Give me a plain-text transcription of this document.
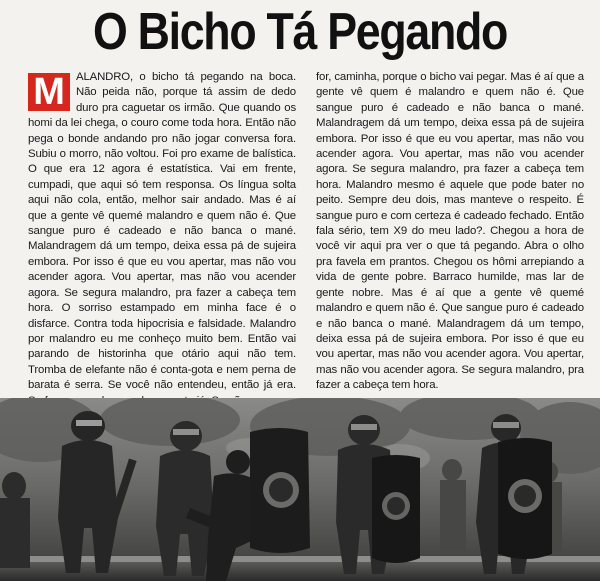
O Bicho Tá Pegando

M ALANDRO, o bicho tá pegando na boca. Não peida não, porque tá assim de dedo duro pra caguetar os irmão. Que quando os homi da lei chega, o couro come toda hora. Então não pega o bonde andando pro não jogar conversa fora. Subiu o morro, não voltou. Foi pro exame de balística. O que era 12 agora é estatística. Vai em frente, cumpadi, que aqui só tem responsa. Os língua solta aqui não cola, então, melhor sair andado. Mas é aí que a gente vê quemé malandro e quem não é. Que sangue puro é cadeado e não banca o mané. Malandragem dá um tempo, deixa essa pá de sujeira embora. Por isso é que eu vou apertar, mas não vou acender agora. Vou apertar, mas não vou acender agora. Se segura malandro, pra fazer a cabeça tem hora. O sorriso estampado em minha face é o disfarce. Contra toda hipocrisia e falsidade. Malandro por malandro eu me conheço muito bem. Então vai parando de historinha que otário aqui não tem. Tromba de elefante não é conta-gota e nem perna de barata é serra. Se você não entendeu, então já era.

for, caminha, porque o bicho vai pegar. Mas é aí que a gente vê quem é malandro e quem não é. Que sangue puro é cadeado e não banca o mané. Malandragem dá um tempo, deixa essa pá de sujeira embora. Por isso é que eu vou apertar, mas não vou acender agora. Vou apertar, mas não vou acender agora. Se segura malandro, pra fazer a cabeça tem hora. Malandro mesmo é aquele que pode bater no peito. Sempre deu dois, mas manteve o respeito. É sangue puro e com certeza é cadeado fechado. Então fala sério, tem X9 do meu lado?. Chegou a hora de você vir aqui pra ver o que tá pegando. Abra o olho pra favela em prantos. Chegou os hômi arrepiando a vida de gente pobre. Barraco humilde, mas lar de gente nobre. Mas é aí que a gente vê quemé malandro e quem não é. Que sangue puro é cadeado e não banca o mané. Malandragem dá um tempo, deixa essa pá de sujeira embora. Por isso é que eu vou apertar, mas não vou acender agora. Vou apertar, mas não vou acender agora. Se segura malandro, pra fazer a cabeça tem hora.
